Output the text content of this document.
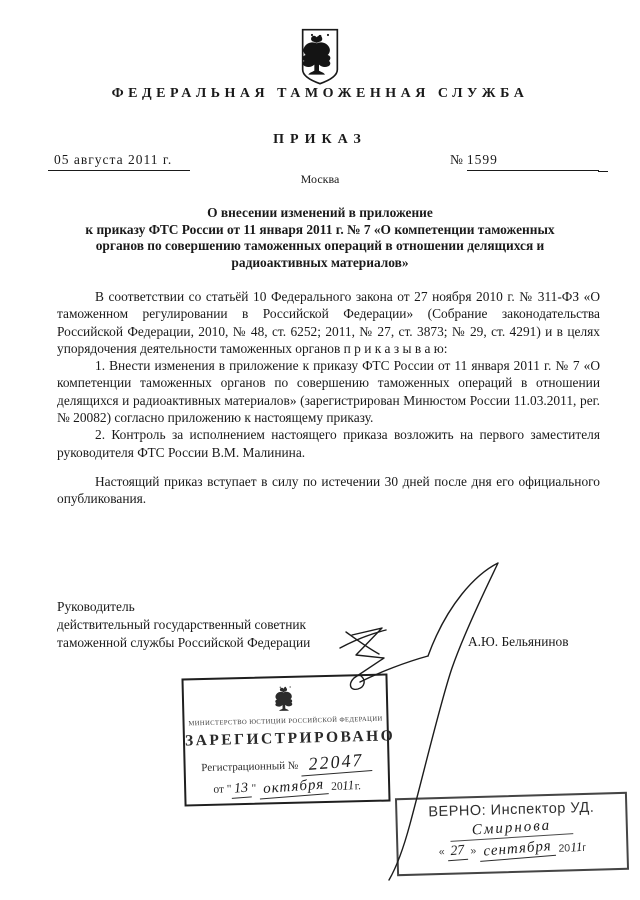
ФЕДЕРАЛЬНАЯ ТАМОЖЕННАЯ СЛУЖБА
ПРИКАЗ
05 августа 2011 г.	№ 1599
Москва
О внесении изменений в приложение
к приказу ФТС России от 11 января 2011 г. № 7 «О компетенции таможенных
органов по совершению таможенных операций в отношении делящихся и
радиоактивных материалов»

В соответствии со статьёй 10 Федерального закона от 27 ноября 2010 г. № 311-ФЗ «О таможенном регулировании в Российской Федерации» (Собрание законодательства Российской Федерации, 2010, № 48, ст. 6252; 2011, № 27, ст. 3873; № 29, ст. 4291) и в целях упорядочения деятельности таможенных органов п р и к а з ы в а ю:

1. Внести изменения в приложение к приказу ФТС России от 11 января 2011 г. № 7 «О компетенции таможенных органов по совершению таможенных операций в отношении делящихся и радиоактивных материалов» (зарегистрирован Минюстом России 11.03.2011, рег. № 20082) согласно приложению к настоящему приказу.

2. Контроль за исполнением настоящего приказа возложить на первого заместителя руководителя ФТС России В.М. Малинина.

Настоящий приказ вступает в силу по истечении 30 дней после дня его официального опубликования.

Руководитель
действительный государственный советник
таможенной службы Российской Федерации	А.Ю. Бельянинов
МИНИСТЕРСТВО ЮСТИЦИИ РОССИЙСКОЙ ФЕДЕРАЦИИ
ЗАРЕГИСТРИРОВАНО
Регистрационный № 22047
от " 13 " октября 2011г.
ВЕРНО: Инспектор УД.
Смирнова
« 27 » сентября 2011г
